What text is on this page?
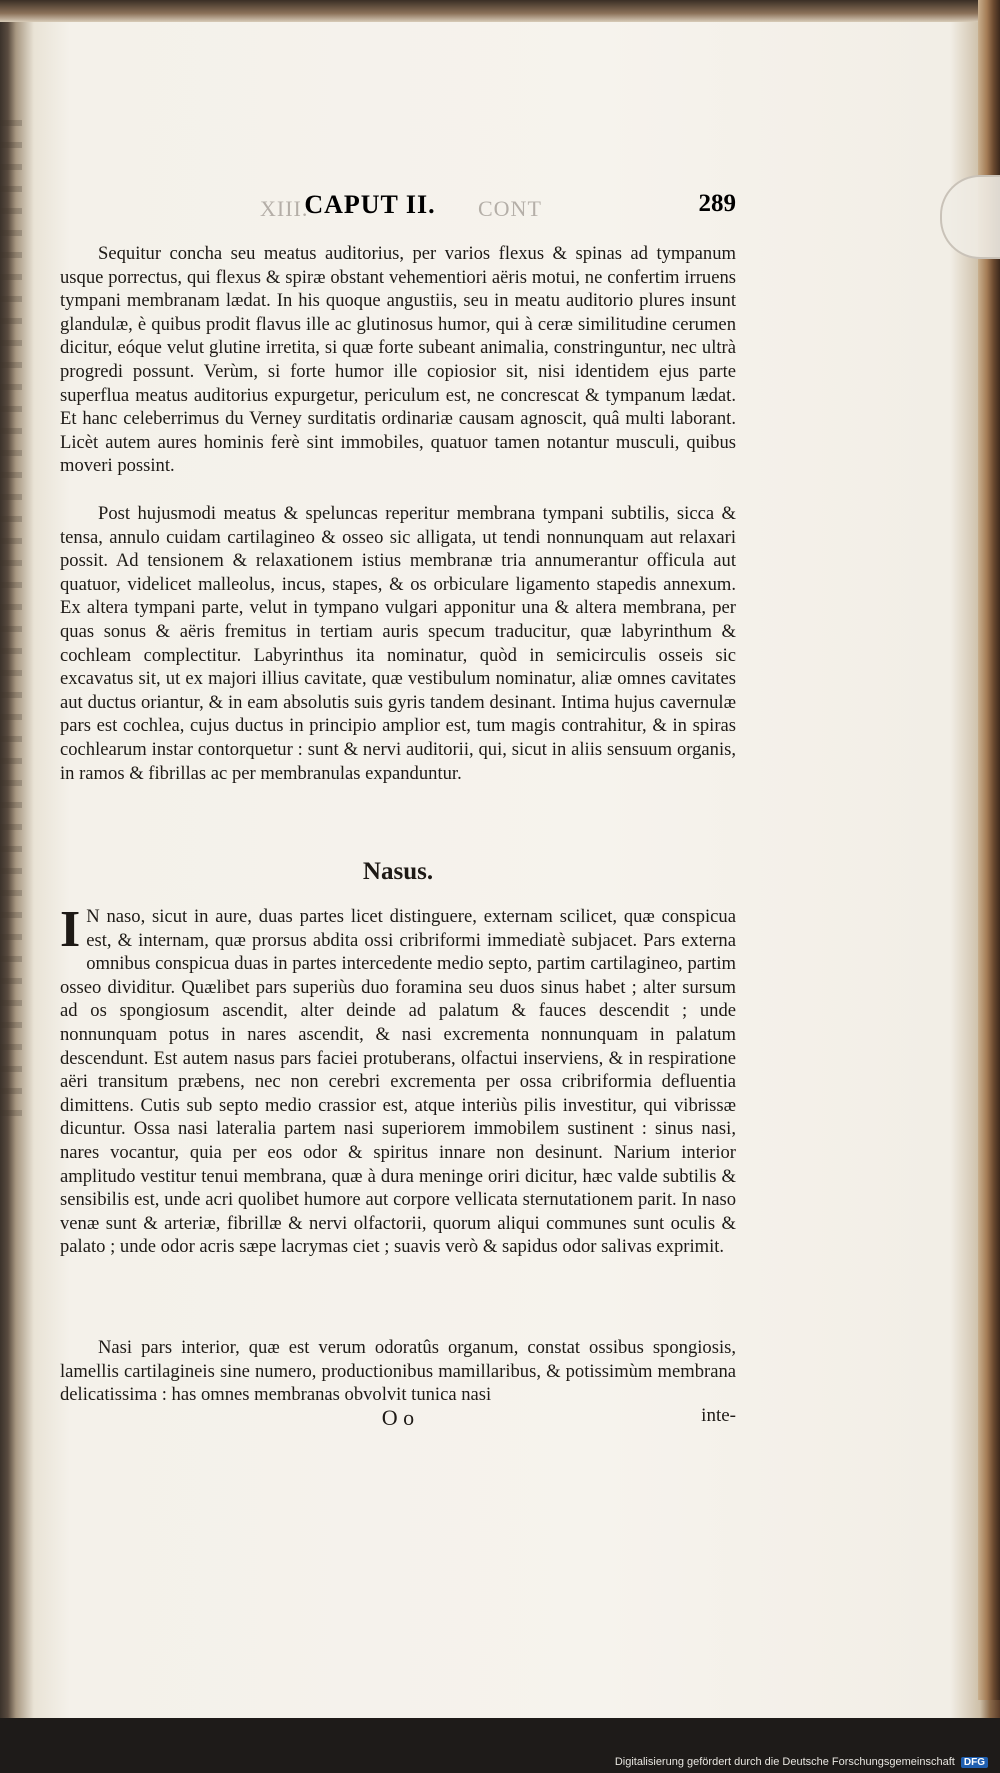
XIII.	CONT
CAPUT II.	289

Sequitur concha seu meatus auditorius, per varios flexus & spinas ad tympanum usque porrectus, qui flexus & spiræ obstant vehementiori aëris motui, ne confertim irruens tympani membranam lædat. In his quoque angustiis, seu in meatu auditorio plures insunt glandulæ, è quibus prodit flavus ille ac glutinosus humor, qui à ceræ similitudine cerumen dicitur, eóque velut glutine irretita, si quæ forte subeant animalia, constringuntur, nec ultrà progredi possunt. Verùm, si forte humor ille copiosior sit, nisi identidem ejus parte superflua meatus auditorius expurgetur, periculum est, ne concrescat & tympanum lædat. Et hanc celeberrimus du Verney surditatis ordinariæ causam agnoscit, quâ multi laborant. Licèt autem aures hominis ferè sint immobiles, quatuor tamen notantur musculi, quibus moveri possint.

Post hujusmodi meatus & speluncas reperitur membrana tympani subtilis, sicca & tensa, annulo cuidam cartilagineo & osseo sic alligata, ut tendi nonnunquam aut relaxari possit. Ad tensionem & relaxationem istius membranæ tria annumerantur officula aut quatuor, videlicet malleolus, incus, stapes, & os orbiculare ligamento stapedis annexum. Ex altera tympani parte, velut in tympano vulgari apponitur una & altera membrana, per quas sonus & aëris fremitus in tertiam auris specum traducitur, quæ labyrinthum & cochleam complectitur. Labyrinthus ita nominatur, quòd in semicirculis osseis sic excavatus sit, ut ex majori illius cavitate, quæ vestibulum nominatur, aliæ omnes cavitates aut ductus oriantur, & in eam absolutis suis gyris tandem desinant. Intima hujus cavernulæ pars est cochlea, cujus ductus in principio amplior est, tum magis contrahitur, & in spiras cochlearum instar contorquetur : sunt & nervi auditorii, qui, sicut in aliis sensuum organis, in ramos & fibrillas ac per membranulas expanduntur.

Nasus.

I N naso, sicut in aure, duas partes licet distinguere, externam scilicet, quæ conspicua est, & internam, quæ prorsus abdita ossi cribriformi immediatè subjacet. Pars externa omnibus conspicua duas in partes intercedente medio septo, partim cartilagineo, partim osseo dividitur. Quælibet pars superiùs duo foramina seu duos sinus habet ; alter sursum ad os spongiosum ascendit, alter deinde ad palatum & fauces descendit ; unde nonnunquam potus in nares ascendit, & nasi excrementa nonnunquam in palatum descendunt. Est autem nasus pars faciei protuberans, olfactui inserviens, & in respiratione aëri transitum præbens, nec non cerebri excrementa per ossa cribriformia defluentia dimittens. Cutis sub septo medio crassior est, atque interiùs pilis investitur, qui vibrissæ dicuntur. Ossa nasi lateralia partem nasi superiorem immobilem sustinent : sinus nasi, nares vocantur, quia per eos odor & spiritus innare non desinunt. Narium interior amplitudo vestitur tenui membrana, quæ à dura meninge oriri dicitur, hæc valde subtilis & sensibilis est, unde acri quolibet humore aut corpore vellicata sternutationem parit. In naso venæ sunt & arteriæ, fibrillæ & nervi olfactorii, quorum aliqui communes sunt oculis & palato ; unde odor acris sæpe lacrymas ciet ; suavis verò & sapidus odor salivas exprimit.

Nasi pars interior, quæ est verum odoratûs organum, constat ossibus spongiosis, lamellis cartilagineis sine numero, productionibus mamillaribus, & potissimùm membrana delicatissima : has omnes membranas obvolvit tunica nasi

O o	inte-
Digitalisierung gefördert durch die Deutsche Forschungsgemeinschaft DFG
